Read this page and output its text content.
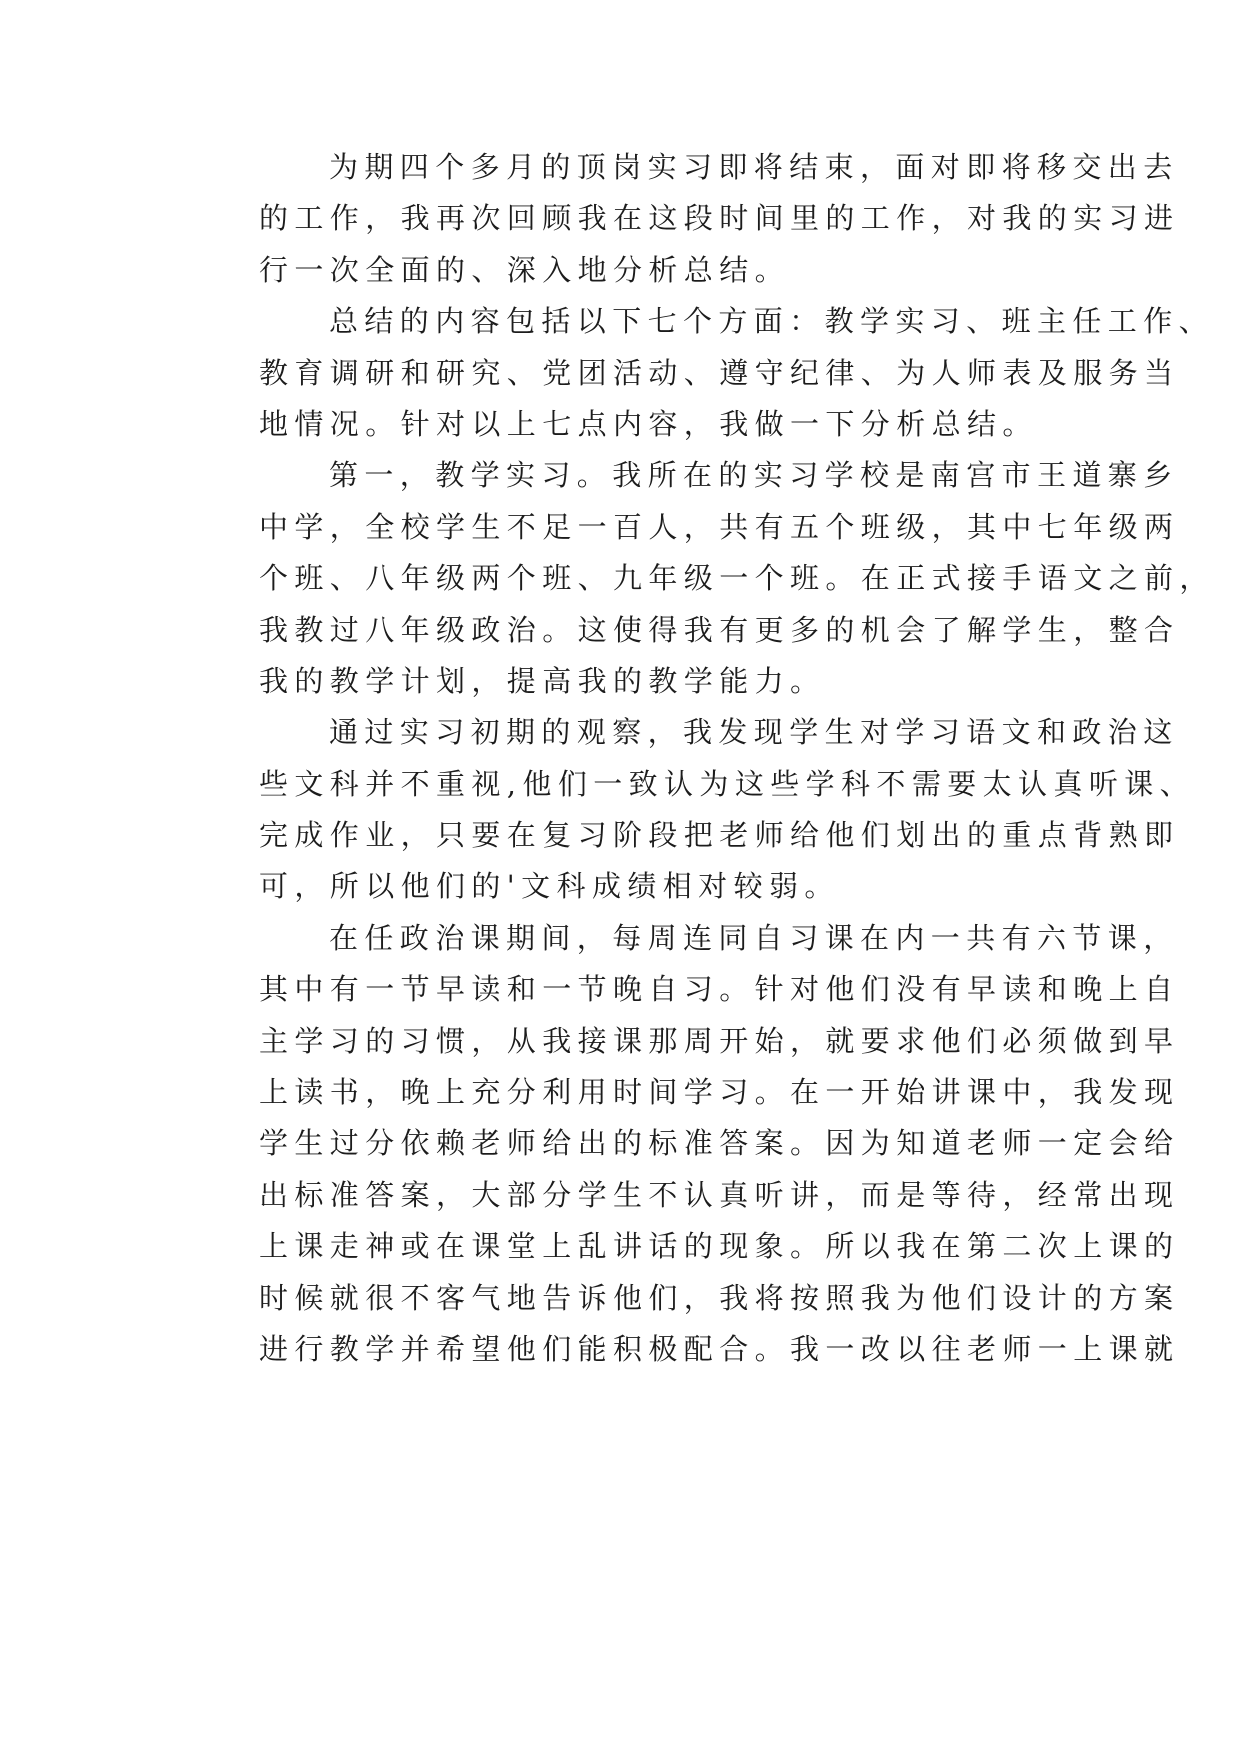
为期四个多月的顶岗实习即将结束，面对即将移交出去
的工作，我再次回顾我在这段时间里的工作，对我的实习进
行一次全面的、深入地分析总结。
总结的内容包括以下七个方面：教学实习、班主任工作、
教育调研和研究、党团活动、遵守纪律、为人师表及服务当
地情况。针对以上七点内容，我做一下分析总结。
第一，教学实习。我所在的实习学校是南宫市王道寨乡
中学，全校学生不足一百人，共有五个班级，其中七年级两
个班、八年级两个班、九年级一个班。在正式接手语文之前，
我教过八年级政治。这使得我有更多的机会了解学生，整合
我的教学计划，提高我的教学能力。
通过实习初期的观察，我发现学生对学习语文和政治这
些文科并不重视,他们一致认为这些学科不需要太认真听课、
完成作业，只要在复习阶段把老师给他们划出的重点背熟即
可，所以他们的'文科成绩相对较弱。
在任政治课期间，每周连同自习课在内一共有六节课，
其中有一节早读和一节晚自习。针对他们没有早读和晚上自
主学习的习惯，从我接课那周开始，就要求他们必须做到早
上读书，晚上充分利用时间学习。在一开始讲课中，我发现
学生过分依赖老师给出的标准答案。因为知道老师一定会给
出标准答案，大部分学生不认真听讲，而是等待，经常出现
上课走神或在课堂上乱讲话的现象。所以我在第二次上课的
时候就很不客气地告诉他们，我将按照我为他们设计的方案
进行教学并希望他们能积极配合。我一改以往老师一上课就
